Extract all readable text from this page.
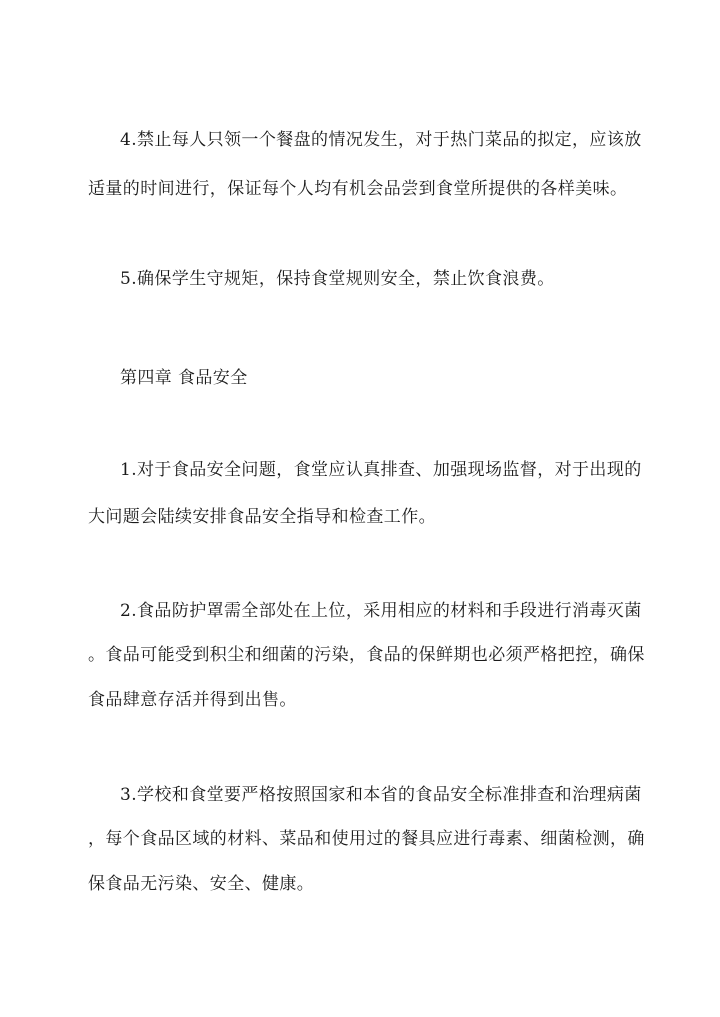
4.禁止每人只领一个餐盘的情况发生，对于热门菜品的拟定，应该放
适量的时间进行，保证每个人均有机会品尝到食堂所提供的各样美味。
5.确保学生守规矩，保持食堂规则安全，禁止饮食浪费。
第四章 食品安全
1.对于食品安全问题，食堂应认真排查、加强现场监督，对于出现的
大问题会陆续安排食品安全指导和检查工作。
2.食品防护罩需全部处在上位，采用相应的材料和手段进行消毒灭菌
。食品可能受到积尘和细菌的污染，食品的保鲜期也必须严格把控，确保
食品肆意存活并得到出售。
3.学校和食堂要严格按照国家和本省的食品安全标准排查和治理病菌
，每个食品区域的材料、菜品和使用过的餐具应进行毒素、细菌检测，确
保食品无污染、安全、健康。
